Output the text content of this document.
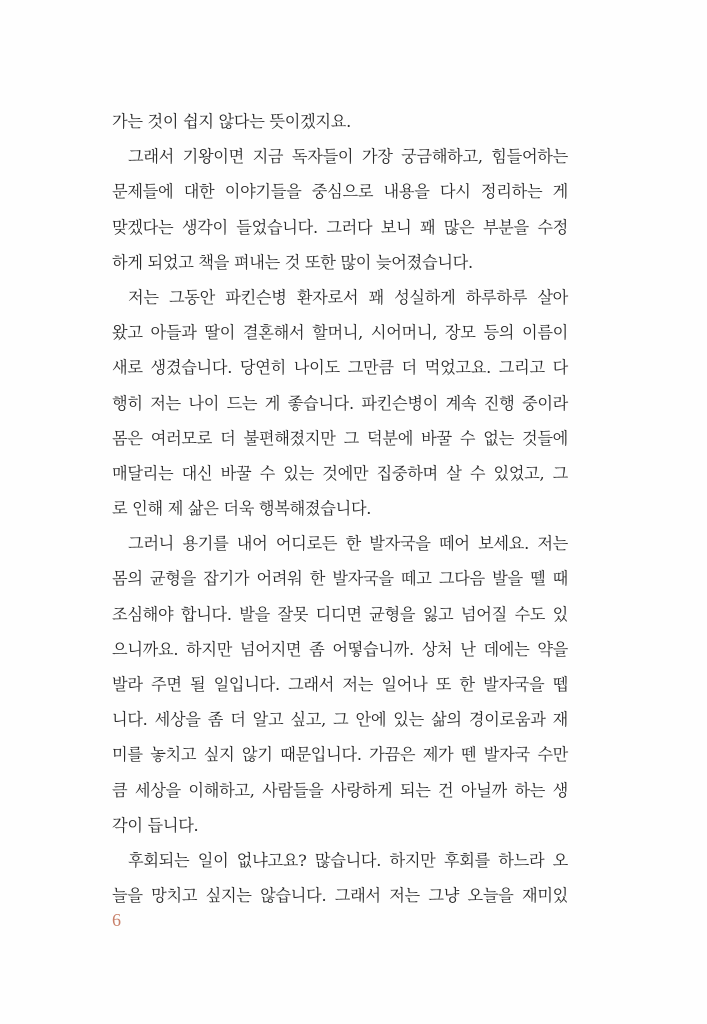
가는 것이 쉽지 않다는 뜻이겠지요.
그래서 기왕이면 지금 독자들이 가장 궁금해하고, 힘들어하는
문제들에 대한 이야기들을 중심으로 내용을 다시 정리하는 게
맞겠다는 생각이 들었습니다. 그러다 보니 꽤 많은 부분을 수정
하게 되었고 책을 펴내는 것 또한 많이 늦어졌습니다.
저는 그동안 파킨슨병 환자로서 꽤 성실하게 하루하루 살아
왔고 아들과 딸이 결혼해서 할머니, 시어머니, 장모 등의 이름이
새로 생겼습니다. 당연히 나이도 그만큼 더 먹었고요. 그리고 다
행히 저는 나이 드는 게 좋습니다. 파킨슨병이 계속 진행 중이라
몸은 여러모로 더 불편해졌지만 그 덕분에 바꿀 수 없는 것들에
매달리는 대신 바꿀 수 있는 것에만 집중하며 살 수 있었고, 그
로 인해 제 삶은 더욱 행복해졌습니다.
그러니 용기를 내어 어디로든 한 발자국을 떼어 보세요. 저는
몸의 균형을 잡기가 어려워 한 발자국을 떼고 그다음 발을 뗄 때
조심해야 합니다. 발을 잘못 디디면 균형을 잃고 넘어질 수도 있
으니까요. 하지만 넘어지면 좀 어떻습니까. 상처 난 데에는 약을
발라 주면 될 일입니다. 그래서 저는 일어나 또 한 발자국을 뗍
니다. 세상을 좀 더 알고 싶고, 그 안에 있는 삶의 경이로움과 재
미를 놓치고 싶지 않기 때문입니다. 가끔은 제가 뗀 발자국 수만
큼 세상을 이해하고, 사람들을 사랑하게 되는 건 아닐까 하는 생
각이 듭니다.
후회되는 일이 없냐고요? 많습니다. 하지만 후회를 하느라 오
늘을 망치고 싶지는 않습니다. 그래서 저는 그냥 오늘을 재미있
6
